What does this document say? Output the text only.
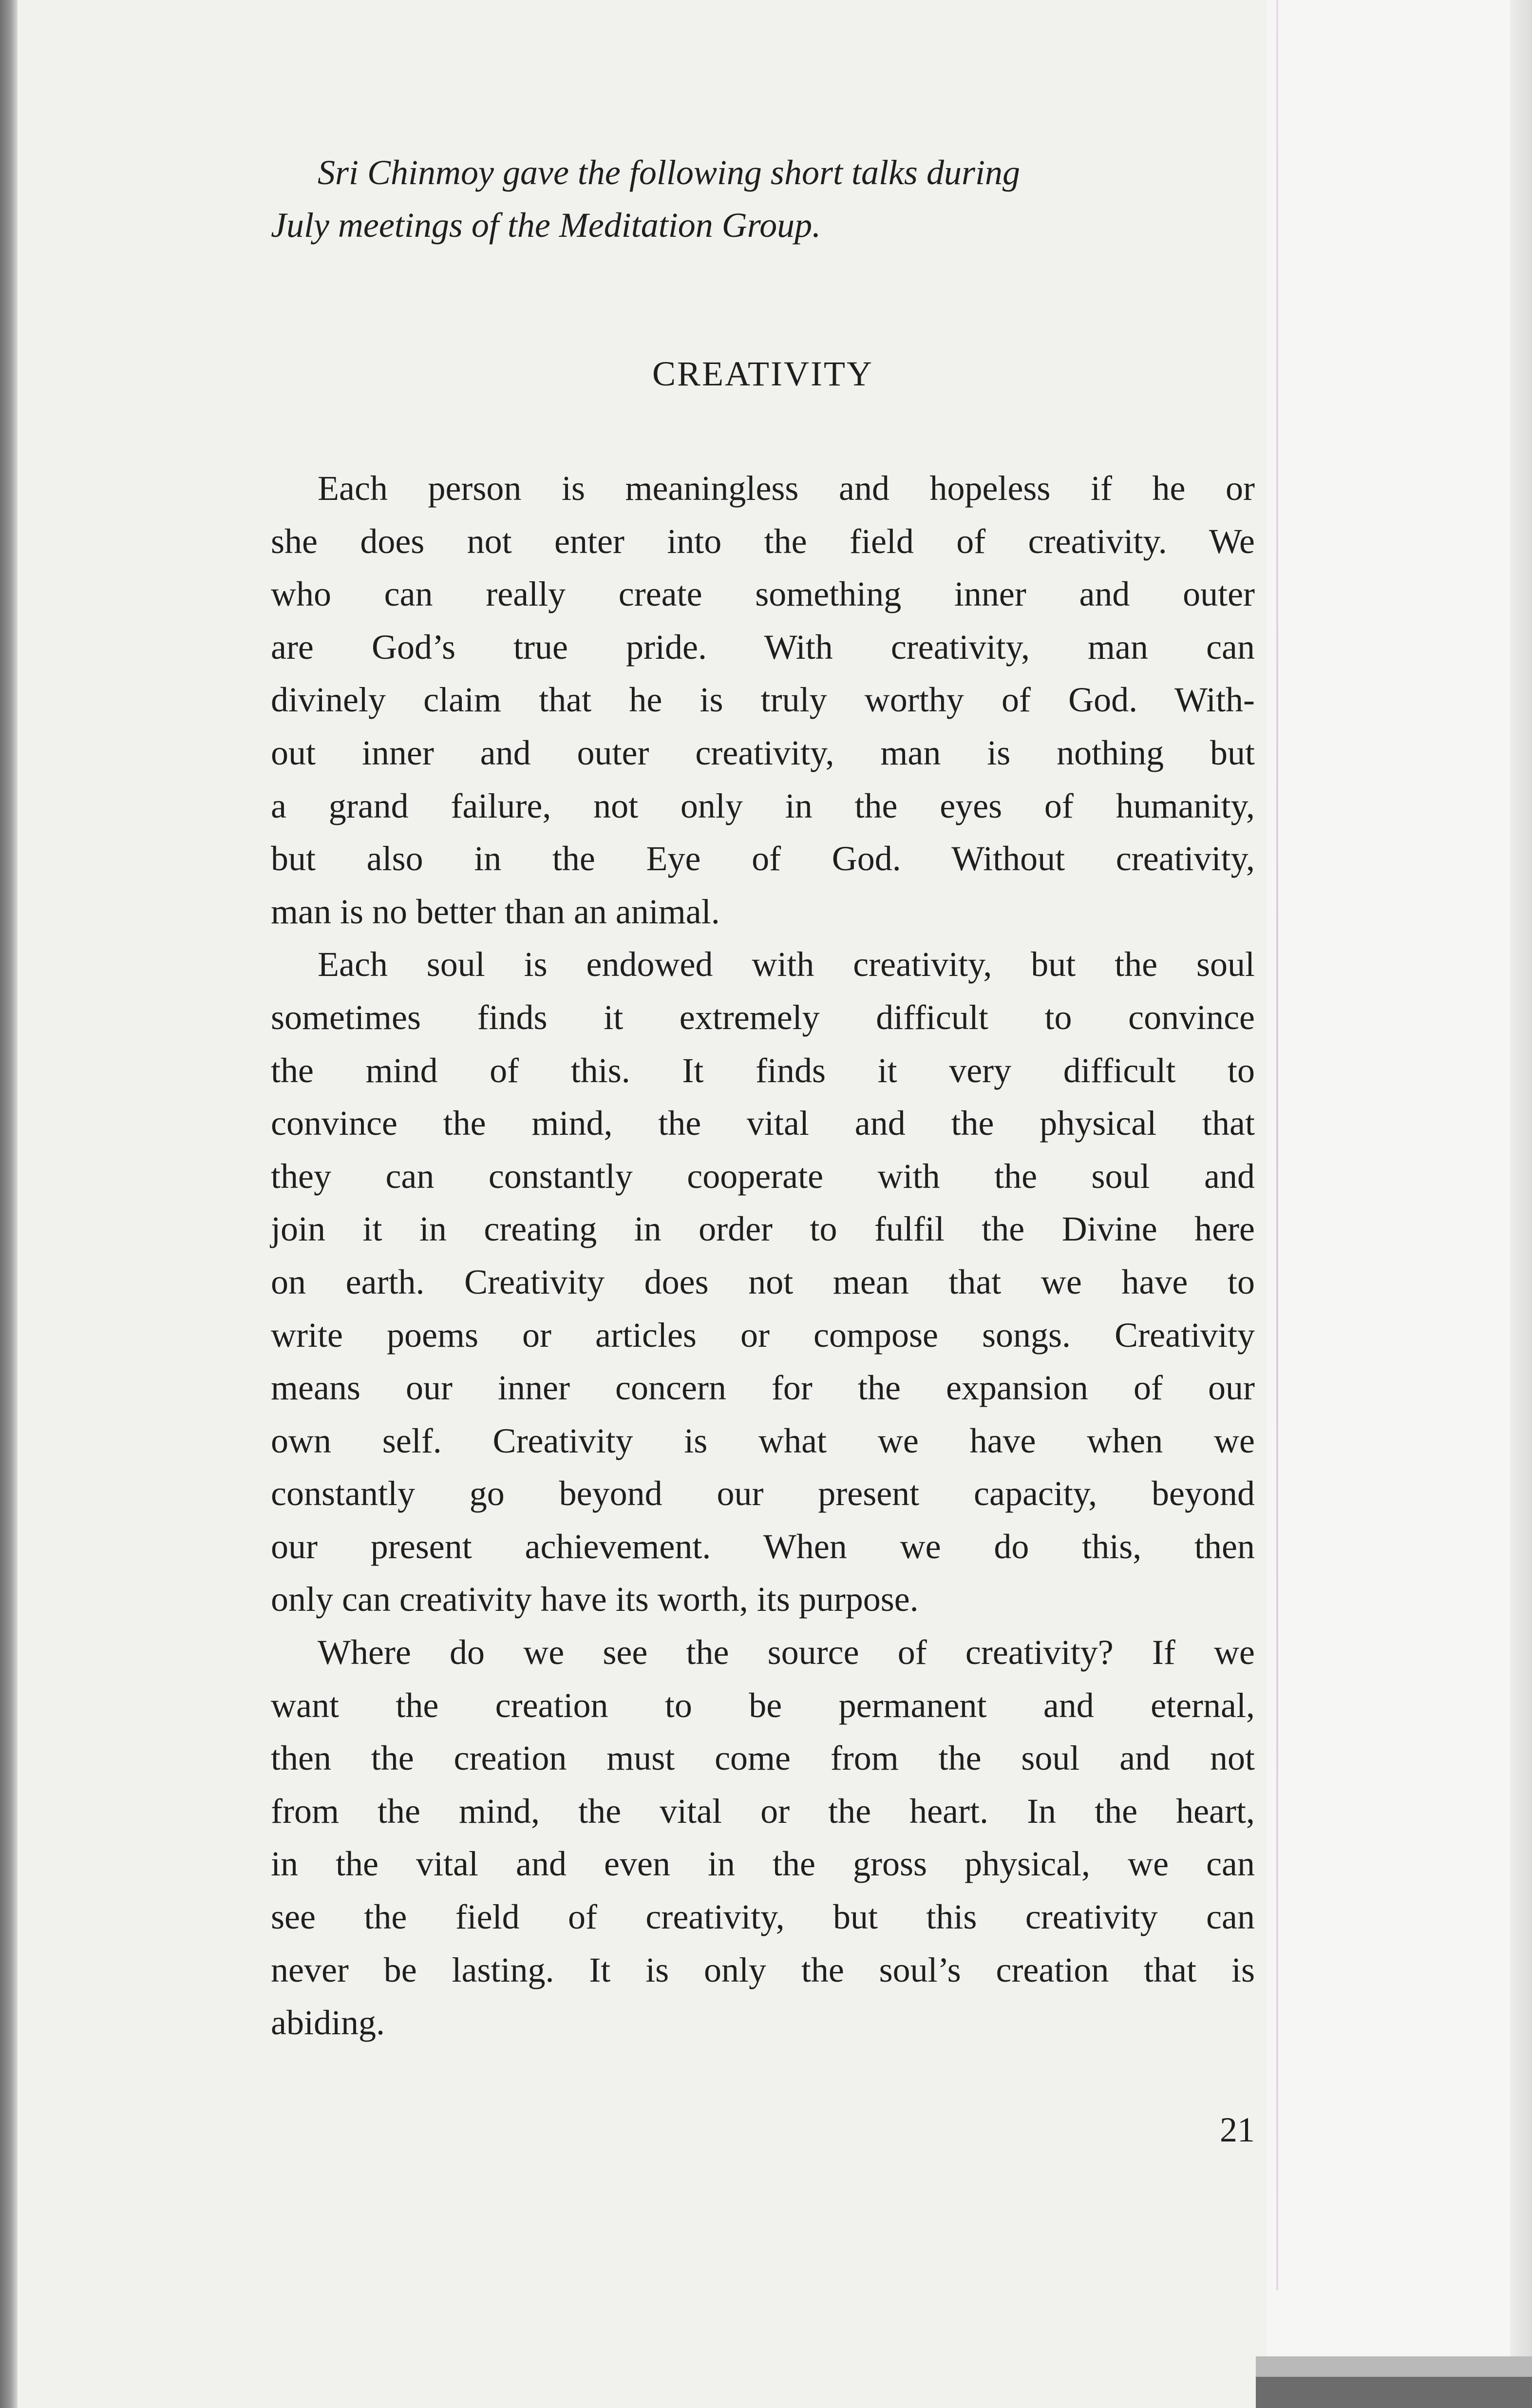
Sri Chinmoy gave the following short talks during
July meetings of the Meditation Group.

CREATIVITY

Each person is meaningless and hopeless if he or
she does not enter into the field of creativity. We
who can really create something inner and outer
are God’s true pride. With creativity, man can
divinely claim that he is truly worthy of God. With-
out inner and outer creativity, man is nothing but
a grand failure, not only in the eyes of humanity,
but also in the Eye of God. Without creativity,
man is no better than an animal.

Each soul is endowed with creativity, but the soul
sometimes finds it extremely difficult to convince
the mind of this. It finds it very difficult to
convince the mind, the vital and the physical that
they can constantly cooperate with the soul and
join it in creating in order to fulfil the Divine here
on earth. Creativity does not mean that we have to
write poems or articles or compose songs. Creativity
means our inner concern for the expansion of our
own self. Creativity is what we have when we
constantly go beyond our present capacity, beyond
our present achievement. When we do this, then
only can creativity have its worth, its purpose.

Where do we see the source of creativity? If we
want the creation to be permanent and eternal,
then the creation must come from the soul and not
from the mind, the vital or the heart. In the heart,
in the vital and even in the gross physical, we can
see the field of creativity, but this creativity can
never be lasting. It is only the soul’s creation that is
abiding.

21
